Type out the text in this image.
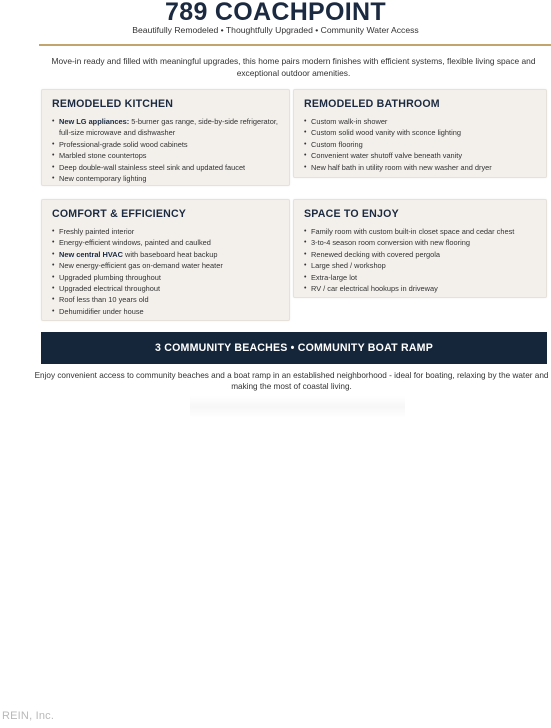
789 COACHPOINT
Beautifully Remodeled • Thoughtfully Upgraded • Community Water Access
Move-in ready and filled with meaningful upgrades, this home pairs modern finishes with efficient systems, flexible living space and exceptional outdoor amenities.
REMODELED KITCHEN
• New LG appliances: 5-burner gas range, side-by-side refrigerator, full-size microwave and dishwasher
• Professional-grade solid wood cabinets
• Marbled stone countertops
• Deep double-wall stainless steel sink and updated faucet
• New contemporary lighting
REMODELED BATHROOM
• Custom walk-in shower
• Custom solid wood vanity with sconce lighting
• Custom flooring
• Convenient water shutoff valve beneath vanity
• New half bath in utility room with new washer and dryer
COMFORT & EFFICIENCY
• Freshly painted interior
• Energy-efficient windows, painted and caulked
• New central HVAC with baseboard heat backup
• New energy-efficient gas on-demand water heater
• Upgraded plumbing throughout
• Upgraded electrical throughout
• Roof less than 10 years old
• Dehumidifier under house
SPACE TO ENJOY
• Family room with custom built-in closet space and cedar chest
• 3-to-4 season room conversion with new flooring
• Renewed decking with covered pergola
• Large shed / workshop
• Extra-large lot
• RV / car electrical hookups in driveway
3 COMMUNITY BEACHES • COMMUNITY BOAT RAMP
Enjoy convenient access to community beaches and a boat ramp in an established neighborhood - ideal for boating, relaxing by the water and making the most of coastal living.
REIN, Inc.
